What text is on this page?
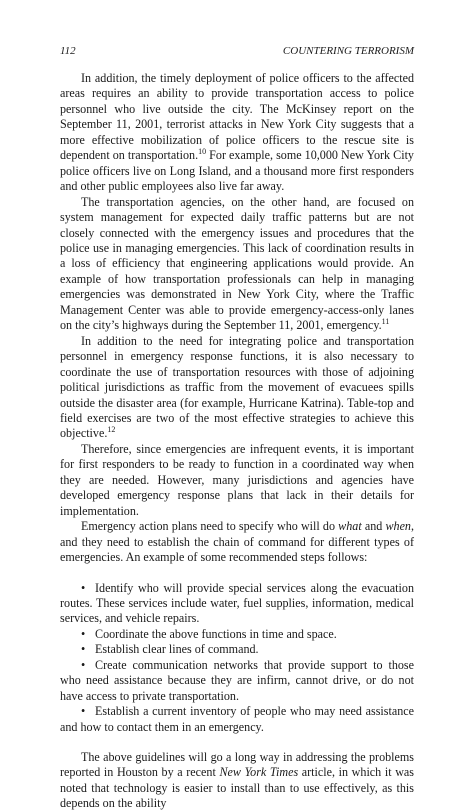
112	COUNTERING TERRORISM

In addition, the timely deployment of police officers to the affected areas requires an ability to provide transportation access to police personnel who live outside the city. The McKinsey report on the September 11, 2001, terrorist attacks in New York City suggests that a more effective mobilization of police officers to the rescue site is dependent on transportation.$^{10}$ For example, some 10,000 New York City police officers live on Long Island, and a thousand more first responders and other public employees also live far away.

The transportation agencies, on the other hand, are focused on system management for expected daily traffic patterns but are not closely connected with the emergency issues and procedures that the police use in managing emergencies. This lack of coordination results in a loss of efficiency that engineering applications would provide. An example of how transportation professionals can help in managing emergencies was demonstrated in New York City, where the Traffic Management Center was able to provide emergency-access-only lanes on the city’s highways during the September 11, 2001, emergency.$^{11}$

In addition to the need for integrating police and transportation personnel in emergency response functions, it is also necessary to coordinate the use of transportation resources with those of adjoining political jurisdictions as traffic from the movement of evacuees spills outside the disaster area (for example, Hurricane Katrina). Table-top and field exercises are two of the most effective strategies to achieve this objective.$^{12}$

Therefore, since emergencies are infrequent events, it is important for first responders to be ready to function in a coordinated way when they are needed. However, many jurisdictions and agencies have developed emergency response plans that lack in their details for implementation.

Emergency action plans need to specify who will do what and when, and they need to establish the chain of command for different types of emergencies. An example of some recommended steps follows:

• Identify who will provide special services along the evacuation routes. These services include water, fuel supplies, information, medical services, and vehicle repairs.

• Coordinate the above functions in time and space.

• Establish clear lines of command.

• Create communication networks that provide support to those who need assistance because they are infirm, cannot drive, or do not have access to private transportation.

• Establish a current inventory of people who may need assistance and how to contact them in an emergency.

The above guidelines will go a long way in addressing the problems reported in Houston by a recent New York Times article, in which it was noted that technology is easier to install than to use effectively, as this depends on the ability
